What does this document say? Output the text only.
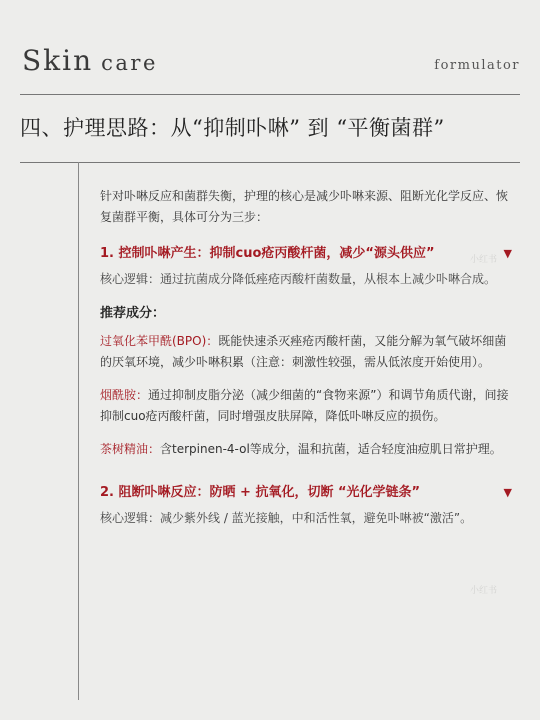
Skin care	formulator
四、护理思路：从“抑制卟啉” 到 “平衡菌群”
小红书
小红书

针对卟啉反应和菌群失衡，护理的核心是减少卟啉来源、阻断光化学反应、恢复菌群平衡，具体可分为三步：

1. 控制卟啉产生：抑制cuo疮丙酸杆菌，减少“源头供应”	▼

核心逻辑：通过抗菌成分降低痤疮丙酸杆菌数量，从根本上减少卟啉合成。

推荐成分：

过氧化苯甲酰(BPO)：既能快速杀灭痤疮丙酸杆菌，又能分解为氧气破坏细菌的厌氧环境，减少卟啉积累（注意：刺激性较强，需从低浓度开始使用）。

烟酰胺：通过抑制皮脂分泌（减少细菌的“食物来源”）和调节角质代谢，间接抑制cuo疮丙酸杆菌，同时增强皮肤屏障，降低卟啉反应的损伤。

茶树精油：含terpinen-4-ol等成分，温和抗菌，适合轻度油痘肌日常护理。

2. 阻断卟啉反应：防晒 + 抗氧化，切断 “光化学链条”	▼

核心逻辑：减少紫外线 / 蓝光接触，中和活性氧，避免卟啉被“激活”。
